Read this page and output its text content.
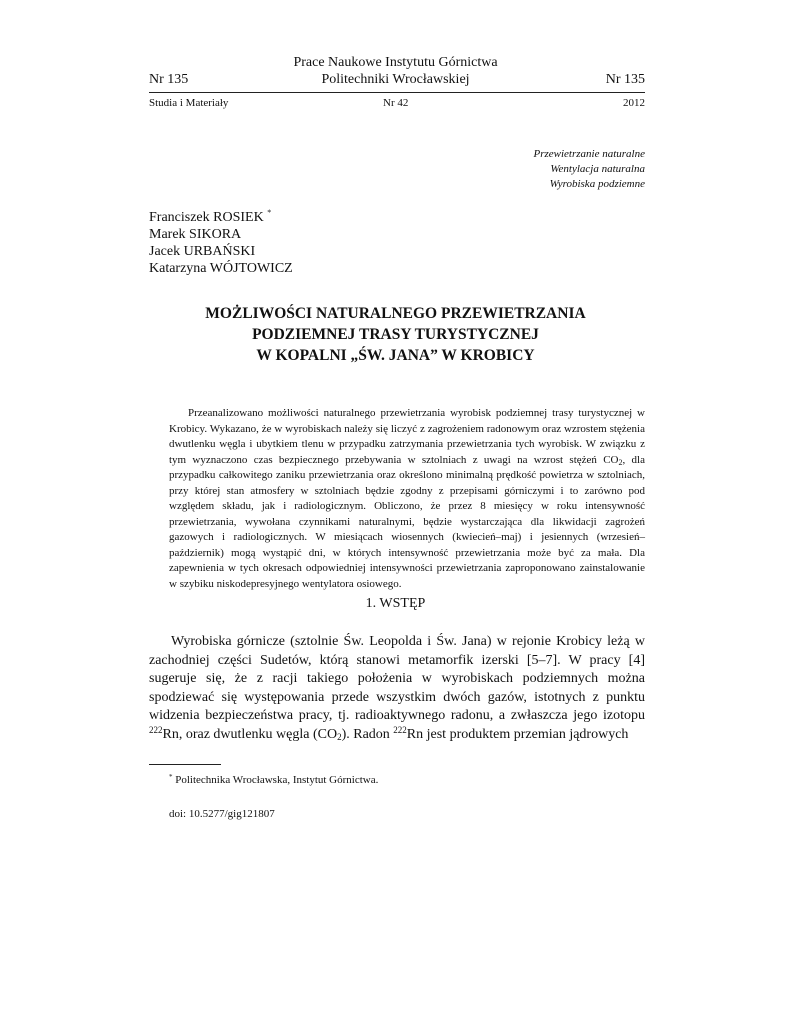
Prace Naukowe Instytutu Górnictwa
Politechniki Wrocławskiej
Nr 135	Nr 135
Studia i Materiały	Nr 42	2012
Przewietrzanie naturalne
Wentylacja naturalna
Wyrobiska podziemne
Franciszek ROSIEK *
Marek SIKORA
Jacek URBAŃSKI
Katarzyna WÓJTOWICZ
MOŻLIWOŚCI NATURALNEGO PRZEWIETRZANIA
PODZIEMNEJ TRASY TURYSTYCZNEJ
W KOPALNI „ŚW. JANA” W KROBICY

Przeanalizowano możliwości naturalnego przewietrzania wyrobisk podziemnej trasy turystycznej w Krobicy. Wykazano, że w wyrobiskach należy się liczyć z zagrożeniem radonowym oraz wzrostem stężenia dwutlenku węgla i ubytkiem tlenu w przypadku zatrzymania przewietrzania tych wyrobisk. W związku z tym wyznaczono czas bezpiecznego przebywania w sztolniach z uwagi na wzrost stężeń $CO_2$, dla przypadku całkowitego zaniku przewietrzania oraz określono minimalną prędkość powietrza w sztolniach, przy której stan atmosfery w sztolniach będzie zgodny z przepisami górniczymi i to zarówno pod względem składu, jak i radiologicznym. Obliczono, że przez 8 miesięcy w roku intensywność przewietrzania, wywołana czynnikami naturalnymi, będzie wystarczająca dla likwidacji zagrożeń gazowych i radiologicznych. W miesiącach wiosennych (kwiecień–maj) i jesiennych (wrzesień–październik) mogą wystąpić dni, w których intensywność przewietrzania może być za mała. Dla zapewnienia w tych okresach odpowiedniej intensywności przewietrzania zaproponowano zainstalowanie w szybiku niskodepresyjnego wentylatora osiowego.

1. WSTĘP

Wyrobiska górnicze (sztolnie Św. Leopolda i Św. Jana) w rejonie Krobicy leżą w zachodniej części Sudetów, którą stanowi metamorfik izerski [5–7]. W pracy [4] sugeruje się, że z racji takiego położenia w wyrobiskach podziemnych można spodziewać się występowania przede wszystkim dwóch gazów, istotnych z punktu widzenia bezpieczeństwa pracy, tj. radioaktywnego radonu, a zwłaszcza jego izotopu $^{222}$Rn, oraz dwutlenku węgla $(CO_2)$. Radon $^{222}$Rn jest produktem przemian jądrowych

* Politechnika Wrocławska, Instytut Górnictwa.
doi: 10.5277/gig121807
